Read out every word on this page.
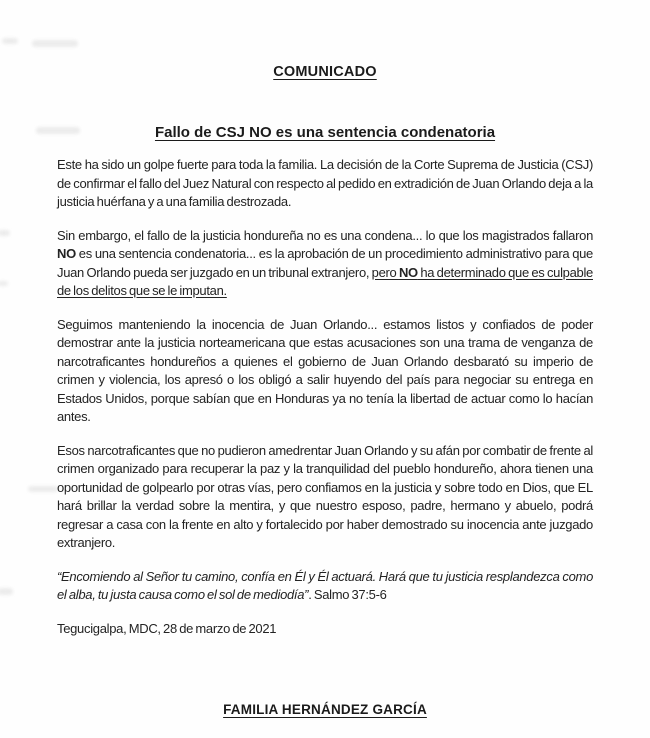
COMUNICADO
Fallo de CSJ NO es una sentencia condenatoria

Este ha sido un golpe fuerte para toda la familia. La decisión de la Corte Suprema de Justicia (CSJ) de confirmar el fallo del Juez Natural con respecto al pedido en extradición de Juan Orlando deja a la justicia huérfana y a una familia destrozada.

Sin embargo, el fallo de la justicia hondureña no es una condena... lo que los magistrados fallaron NO es una sentencia condenatoria... es la aprobación de un procedimiento administrativo para que Juan Orlando pueda ser juzgado en un tribunal extranjero, pero NO ha determinado que es culpable de los delitos que se le imputan.

Seguimos manteniendo la inocencia de Juan Orlando... estamos listos y confiados de poder demostrar ante la justicia norteamericana que estas acusaciones son una trama de venganza de narcotraficantes hondureños a quienes el gobierno de Juan Orlando desbarató su imperio de crimen y violencia, los apresó o los obligó a salir huyendo del país para negociar su entrega en Estados Unidos, porque sabían que en Honduras ya no tenía la libertad de actuar como lo hacían antes.

Esos narcotraficantes que no pudieron amedrentar Juan Orlando y su afán por combatir de frente al crimen organizado para recuperar la paz y la tranquilidad del pueblo hondureño, ahora tienen una oportunidad de golpearlo por otras vías, pero confiamos en la justicia y sobre todo en Dios, que EL hará brillar la verdad sobre la mentira, y que nuestro esposo, padre, hermano y abuelo, podrá regresar a casa con la frente en alto y fortalecido por haber demostrado su inocencia ante juzgado extranjero.

“Encomiendo al Señor tu camino, confía en Él y Él actuará. Hará que tu justicia resplandezca como el alba, tu justa causa como el sol de mediodía”. Salmo 37:5-6

Tegucigalpa, MDC, 28 de marzo de 2021

FAMILIA HERNÁNDEZ GARCÍA
